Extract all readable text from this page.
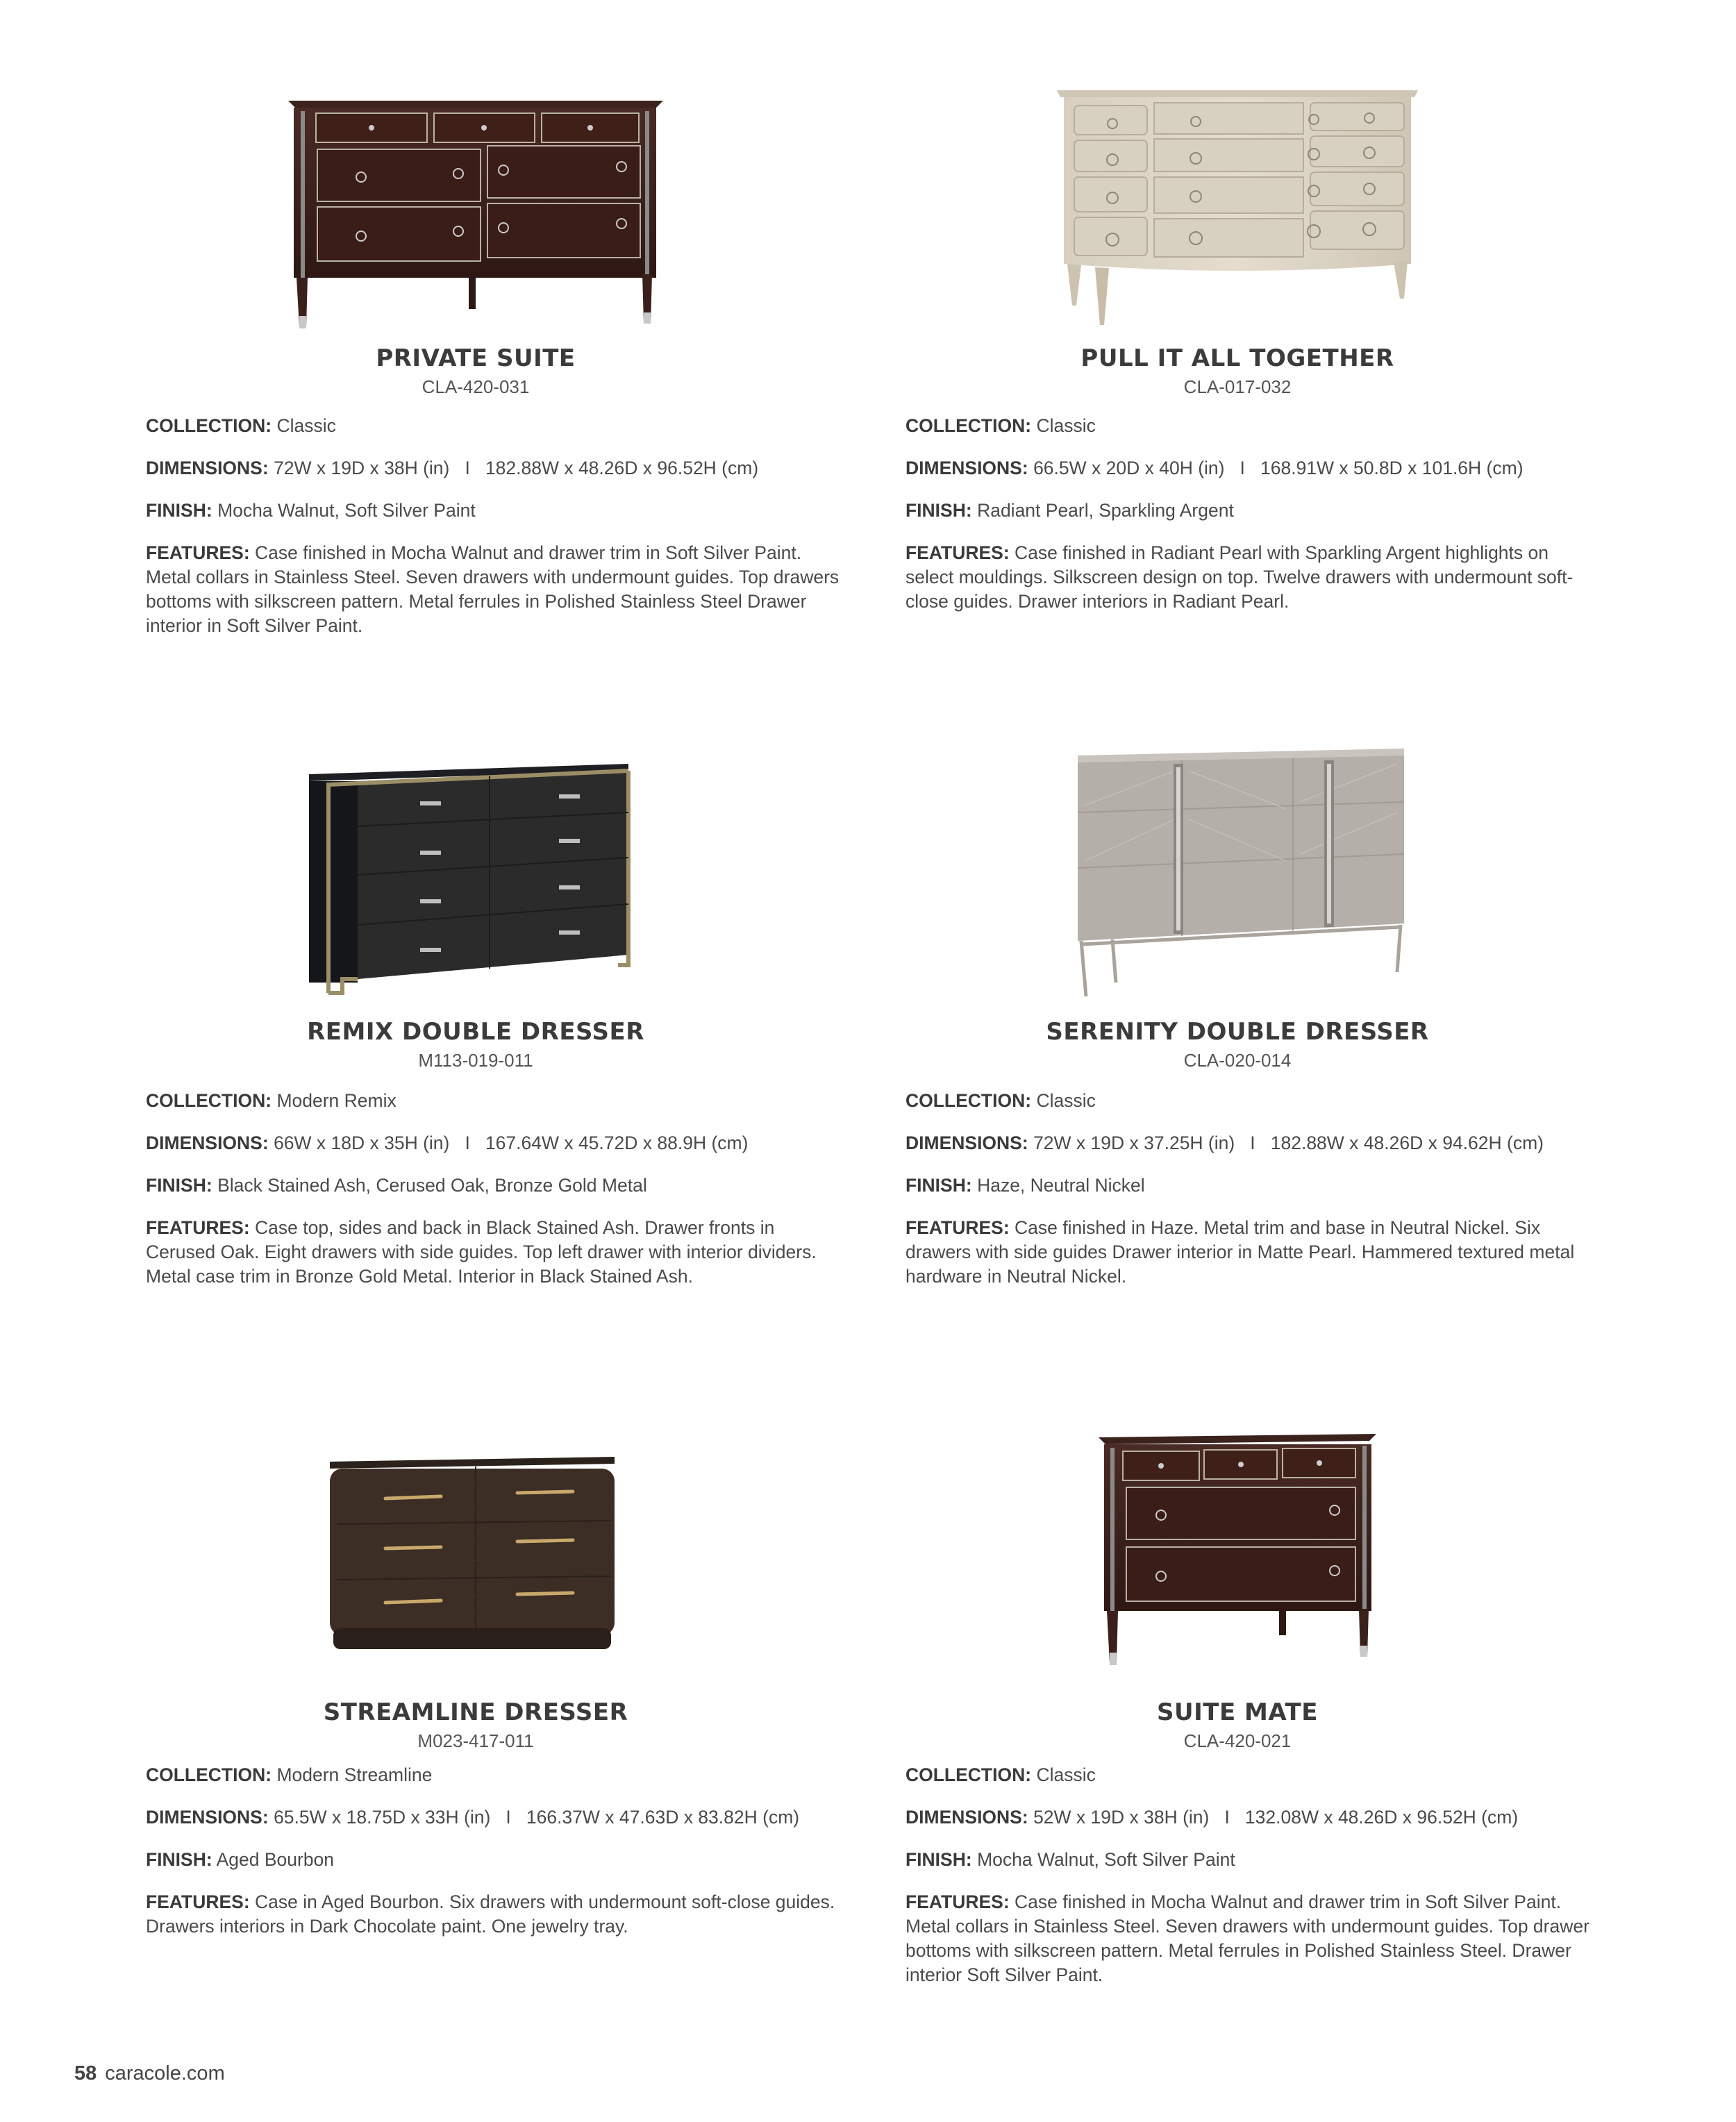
PRIVATE SUITE
CLA-420-031
COLLECTION: Classic
DIMENSIONS: 72W x 19D x 38H (in)   I   182.88W x 48.26D x 96.52H (cm)
FINISH: Mocha Walnut, Soft Silver Paint
FEATURES: Case finished in Mocha Walnut and drawer trim in Soft Silver Paint. Metal collars in Stainless Steel. Seven drawers with undermount guides. Top drawers bottoms with silkscreen pattern. Metal ferrules in Polished Stainless Steel Drawer interior in Soft Silver Paint.
PULL IT ALL TOGETHER
CLA-017-032
COLLECTION: Classic
DIMENSIONS: 66.5W x 20D x 40H (in)   I   168.91W x 50.8D x 101.6H (cm)
FINISH: Radiant Pearl, Sparkling Argent
FEATURES: Case finished in Radiant Pearl with Sparkling Argent highlights on select mouldings. Silkscreen design on top. Twelve drawers with undermount soft-close guides. Drawer interiors in Radiant Pearl.
REMIX DOUBLE DRESSER
M113-019-011
COLLECTION: Modern Remix
DIMENSIONS: 66W x 18D x 35H (in)   I   167.64W x 45.72D x 88.9H (cm)
FINISH: Black Stained Ash, Cerused Oak, Bronze Gold Metal
FEATURES: Case top, sides and back in Black Stained Ash. Drawer fronts in Cerused Oak. Eight drawers with side guides. Top left drawer with interior dividers. Metal case trim in Bronze Gold Metal. Interior in Black Stained Ash.
SERENITY DOUBLE DRESSER
CLA-020-014
COLLECTION: Classic
DIMENSIONS: 72W x 19D x 37.25H (in)   I   182.88W x 48.26D x 94.62H (cm)
FINISH: Haze, Neutral Nickel
FEATURES: Case finished in Haze. Metal trim and base in Neutral Nickel. Six drawers with side guides Drawer interior in Matte Pearl. Hammered textured metal hardware in Neutral Nickel.
STREAMLINE DRESSER
M023-417-011
COLLECTION: Modern Streamline
DIMENSIONS: 65.5W x 18.75D x 33H (in)   I   166.37W x 47.63D x 83.82H (cm)
FINISH: Aged Bourbon
FEATURES: Case in Aged Bourbon. Six drawers with undermount soft-close guides. Drawers interiors in Dark Chocolate paint. One jewelry tray.
SUITE MATE
CLA-420-021
COLLECTION: Classic
DIMENSIONS: 52W x 19D x 38H (in)   I   132.08W x 48.26D x 96.52H (cm)
FINISH: Mocha Walnut, Soft Silver Paint
FEATURES: Case finished in Mocha Walnut and drawer trim in Soft Silver Paint. Metal collars in Stainless Steel. Seven drawers with undermount guides. Top drawer bottoms with silkscreen pattern. Metal ferrules in Polished Stainless Steel. Drawer interior Soft Silver Paint.
58 caracole.com
